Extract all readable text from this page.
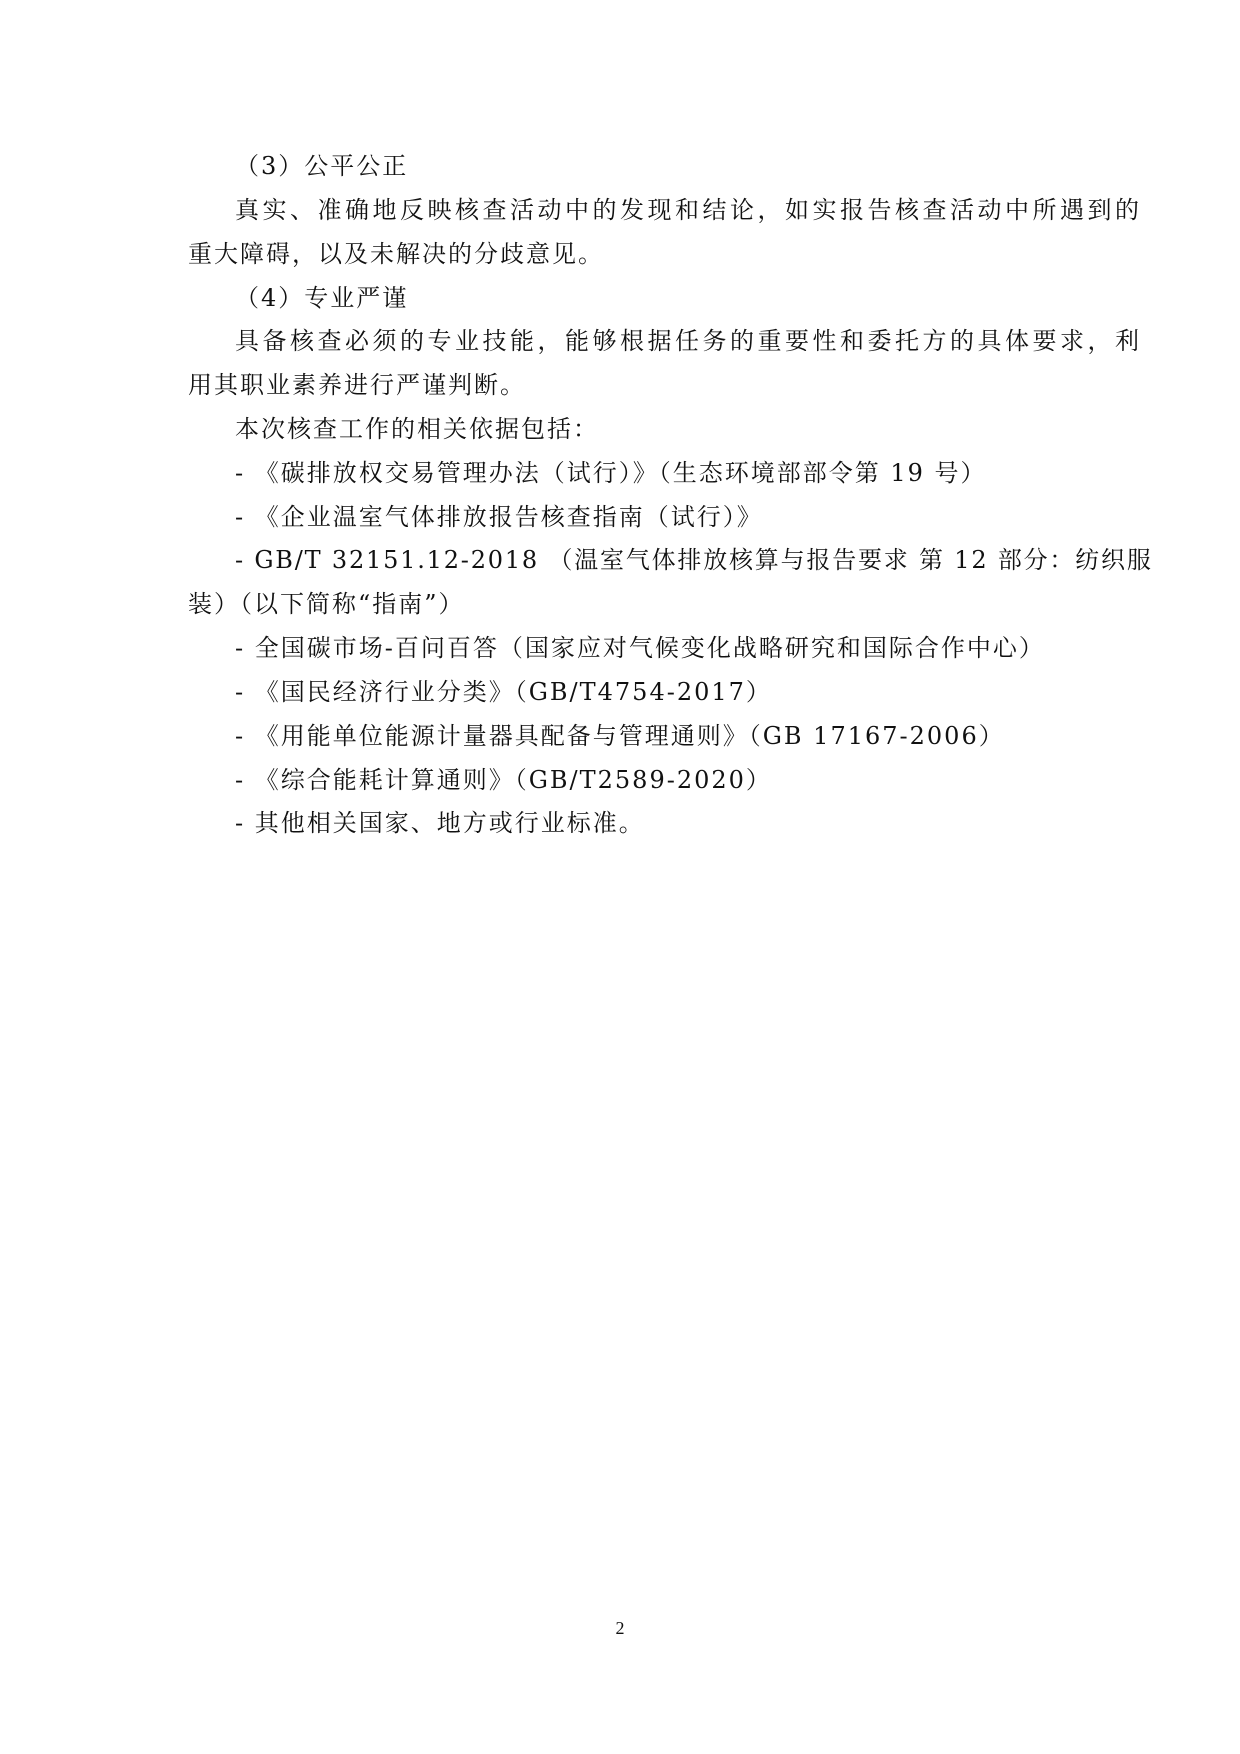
（3）公平公正
真实、准确地反映核查活动中的发现和结论，如实报告核查活动中所遇到的
重大障碍，以及未解决的分歧意见。
（4）专业严谨
具备核查必须的专业技能，能够根据任务的重要性和委托方的具体要求，利
用其职业素养进行严谨判断。
本次核查工作的相关依据包括：
- 《碳排放权交易管理办法（试行）》（生态环境部部令第 19 号）
- 《企业温室气体排放报告核查指南（试行）》
- GB/T 32151.12-2018 （温室气体排放核算与报告要求 第 12 部分：纺织服
装）（以下简称“指南”）
- 全国碳市场-百问百答（国家应对气候变化战略研究和国际合作中心）
- 《国民经济行业分类》（GB/T4754-2017）
- 《用能单位能源计量器具配备与管理通则》（GB 17167-2006）
- 《综合能耗计算通则》（GB/T2589-2020）
- 其他相关国家、地方或行业标准。
2
